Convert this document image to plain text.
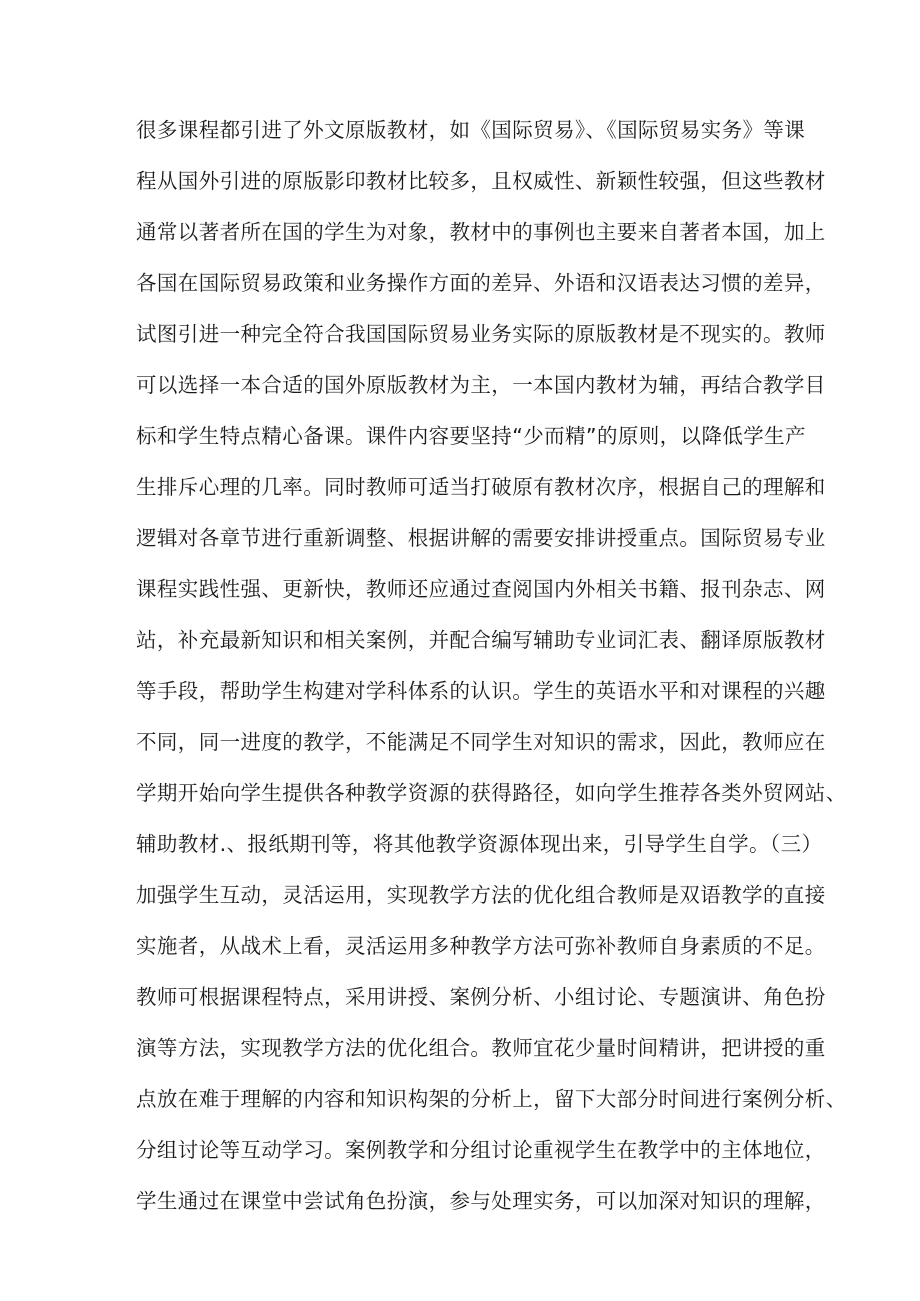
很多课程都引进了外文原版教材，如《国际贸易》、《国际贸易实务》等课
程从国外引进的原版影印教材比较多，且权威性、新颖性较强，但这些教材
通常以著者所在国的学生为对象，教材中的事例也主要来自著者本国，加上
各国在国际贸易政策和业务操作方面的差异、外语和汉语表达习惯的差异，
试图引进一种完全符合我国国际贸易业务实际的原版教材是不现实的。教师
可以选择一本合适的国外原版教材为主，一本国内教材为辅，再结合教学目
标和学生特点精心备课。课件内容要坚持“少而精”的原则，以降低学生产
生排斥心理的几率。同时教师可适当打破原有教材次序，根据自己的理解和
逻辑对各章节进行重新调整、根据讲解的需要安排讲授重点。国际贸易专业
课程实践性强、更新快，教师还应通过查阅国内外相关书籍、报刊杂志、网
站，补充最新知识和相关案例，并配合编写辅助专业词汇表、翻译原版教材
等手段，帮助学生构建对学科体系的认识。学生的英语水平和对课程的兴趣
不同，同一进度的教学，不能满足不同学生对知识的需求，因此，教师应在
学期开始向学生提供各种教学资源的获得路径，如向学生推荐各类外贸网站、
辅助教材.、报纸期刊等，将其他教学资源体现出来，引导学生自学。（三）
加强学生互动，灵活运用，实现教学方法的优化组合教师是双语教学的直接
实施者，从战术上看，灵活运用多种教学方法可弥补教师自身素质的不足。
教师可根据课程特点，采用讲授、案例分析、小组讨论、专题演讲、角色扮
演等方法，实现教学方法的优化组合。教师宜花少量时间精讲，把讲授的重
点放在难于理解的内容和知识构架的分析上，留下大部分时间进行案例分析、
分组讨论等互动学习。案例教学和分组讨论重视学生在教学中的主体地位，
学生通过在课堂中尝试角色扮演，参与处理实务，可以加深对知识的理解，
